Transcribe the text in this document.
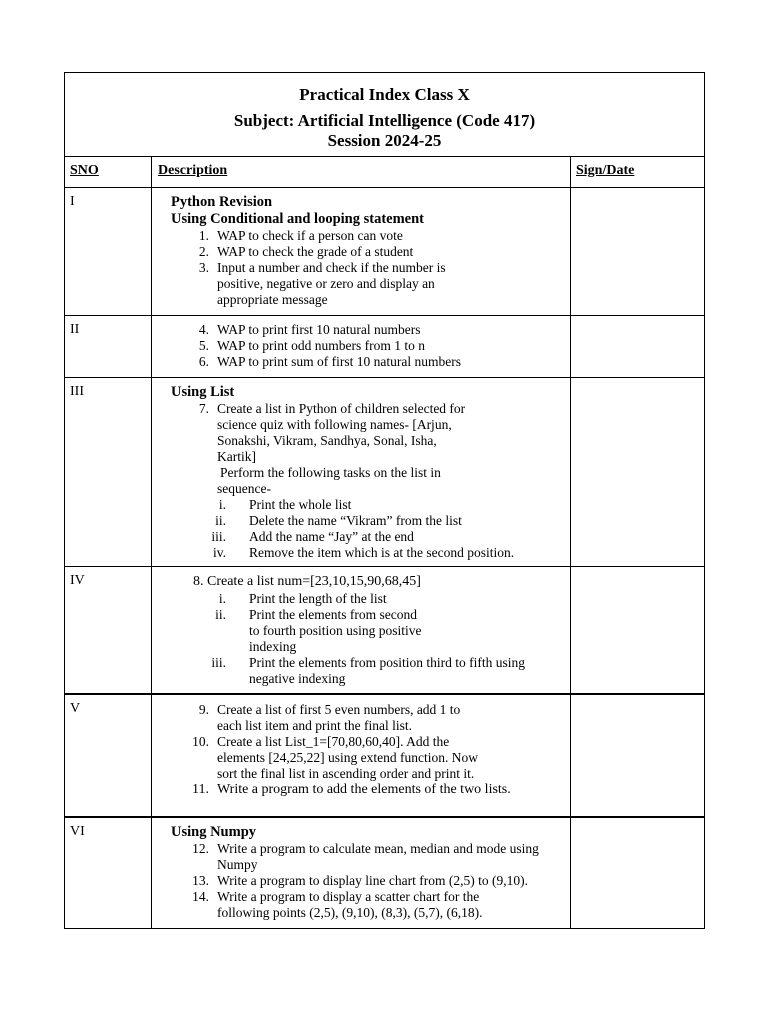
Practical Index Class X
Subject: Artificial Intelligence (Code 417)
Session 2024-25
SNO	Description	Sign/Date
I	Python Revision
Using Conditional and looping statement
1. WAP to check if a person can vote
2. WAP to check the grade of a student
3. Input a number and check if the number is positive, negative or zero and display an appropriate message
II	4. WAP to print first 10 natural numbers
5. WAP to print odd numbers from 1 to n
6. WAP to print sum of first 10 natural numbers
III	Using List
7. Create a list in Python of children selected for science quiz with following names- [Arjun, Sonakshi, Vikram, Sandhya, Sonal, Isha, Kartik]
Perform the following tasks on the list in sequence-
i.	Print the whole list
ii.	Delete the name “Vikram” from the list
iii.	Add the name “Jay” at the end
iv.	Remove the item which is at the second position.
IV	8. Create a list num=[23,10,15,90,68,45]
i.	Print the length of the list
ii.	Print the elements from second to fourth position using positive indexing
iii.	Print the elements from position third to fifth using negative indexing
V	9. Create a list of first 5 even numbers, add 1 to each list item and print the final list.
10. Create a list List_1=[70,80,60,40]. Add the elements [24,25,22] using extend function. Now sort the final list in ascending order and print it.
11. Write a program to add the elements of the two lists.
VI	Using Numpy
12. Write a program to calculate mean, median and mode using Numpy
13. Write a program to display line chart from (2,5) to (9,10).
14. Write a program to display a scatter chart for the following points (2,5), (9,10), (8,3), (5,7), (6,18).
